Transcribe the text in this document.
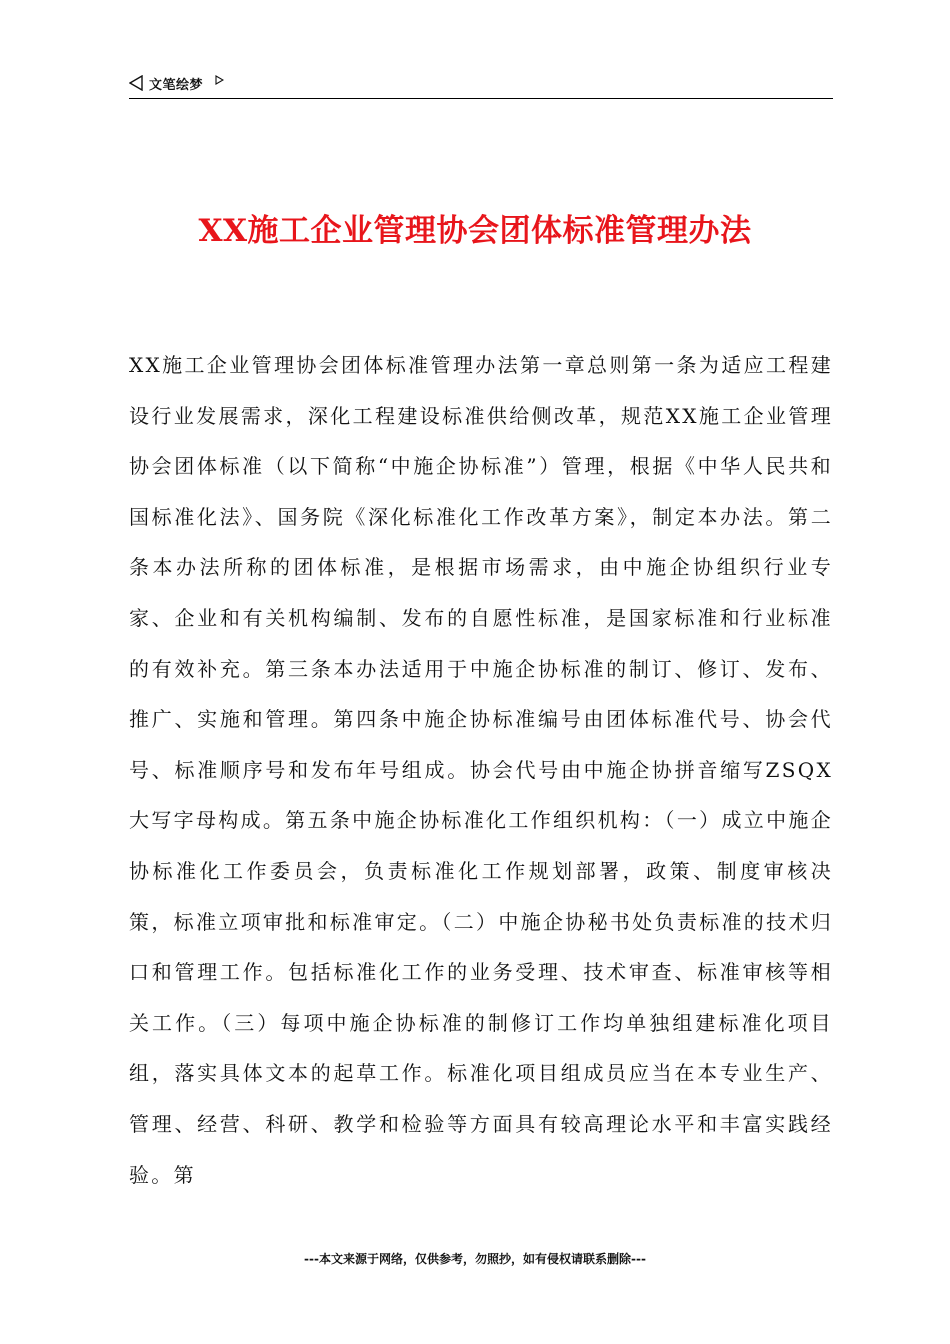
文笔绘梦
XX施工企业管理协会团体标准管理办法

XX施工企业管理协会团体标准管理办法第一章总则第一条为适应工程建设行业发展需求，深化工程建设标准供给侧改革，规范XX施工企业管理协会团体标准（以下简称“中施企协标准”）管理，根据《中华人民共和国标准化法》、国务院《深化标准化工作改革方案》，制定本办法。第二条本办法所称的团体标准，是根据市场需求，由中施企协组织行业专家、企业和有关机构编制、发布的自愿性标准，是国家标准和行业标准的有效补充。第三条本办法适用于中施企协标准的制订、修订、发布、推广、实施和管理。第四条中施企协标准编号由团体标准代号、协会代号、标准顺序号和发布年号组成。协会代号由中施企协拼音缩写ZSQX大写字母构成。第五条中施企协标准化工作组织机构：（一）成立中施企协标准化工作委员会，负责标准化工作规划部署，政策、制度审核决策，标准立项审批和标准审定。（二）中施企协秘书处负责标准的技术归口和管理工作。包括标准化工作的业务受理、技术审查、标准审核等相关工作。（三）每项中施企协标准的制修订工作均单独组建标准化项目组，落实具体文本的起草工作。标准化项目组成员应当在本专业生产、管理、经营、科研、教学和检验等方面具有较高理论水平和丰富实践经验。第

---本文来源于网络，仅供参考，勿照抄，如有侵权请联系删除---
